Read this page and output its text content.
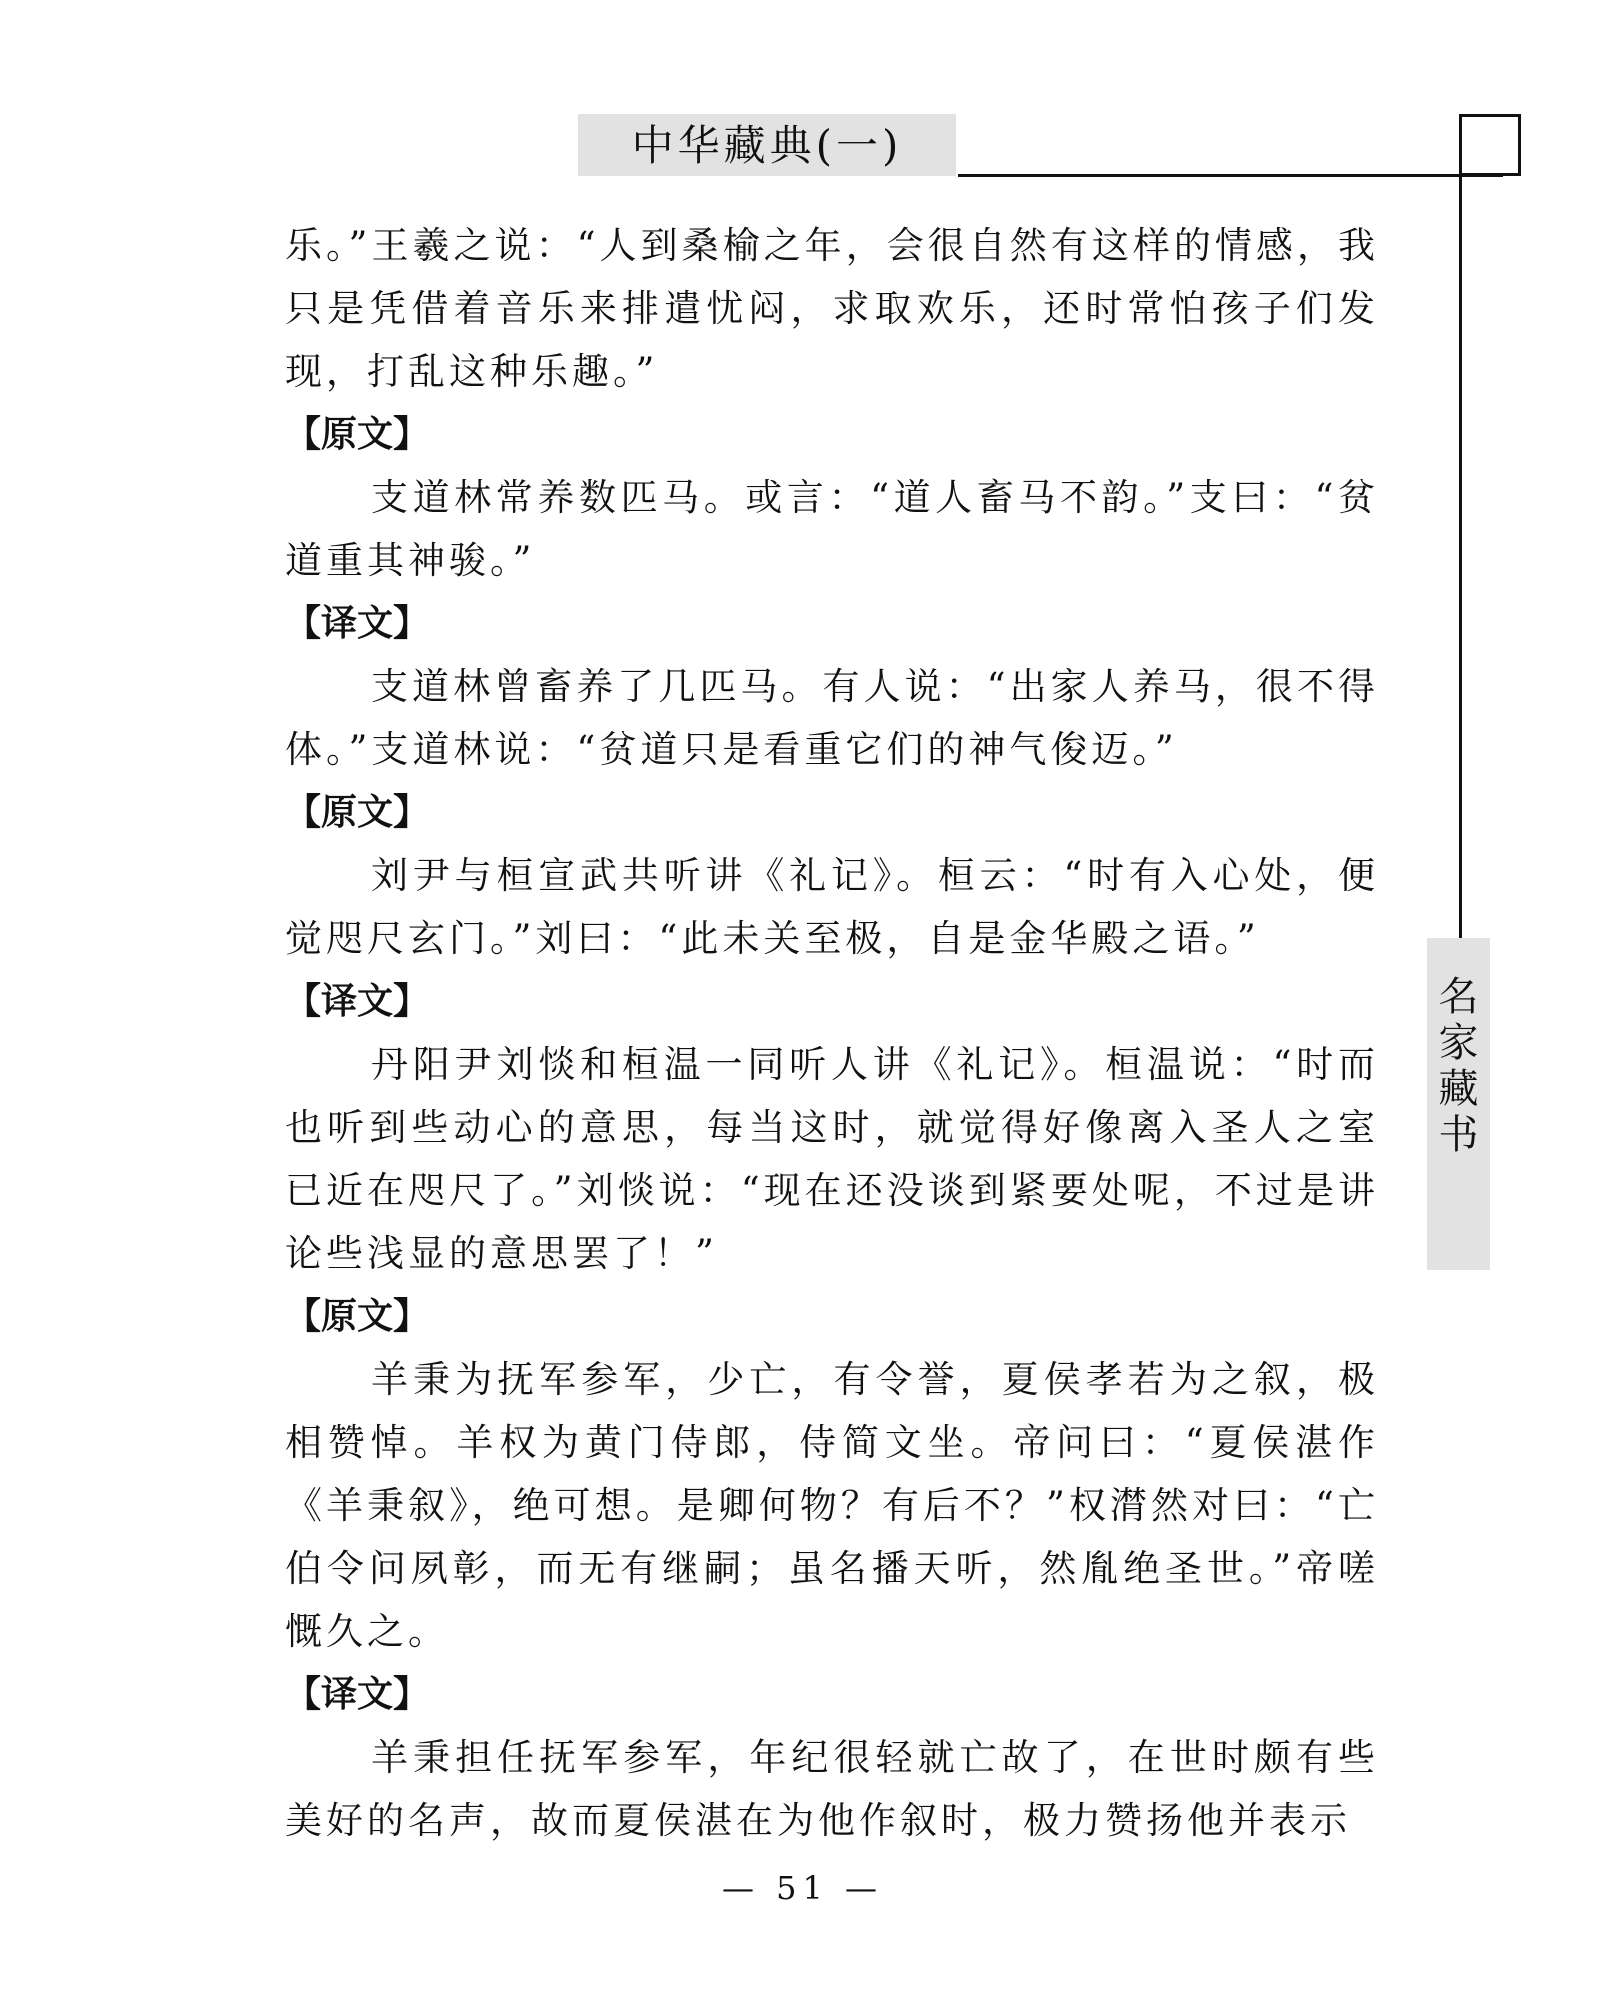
中华藏典(一)
名
家
藏
书

乐。”王羲之说：“人到桑榆之年，会很自然有这样的情感，我只是凭借着音乐来排遣忧闷，求取欢乐，还时常怕孩子们发现，打乱这种乐趣。”

【原文】

支道林常养数匹马。或言：“道人畜马不韵。”支曰：“贫道重其神骏。”

【译文】

支道林曾畜养了几匹马。有人说：“出家人养马，很不得体。”支道林说：“贫道只是看重它们的神气俊迈。”

【原文】

刘尹与桓宣武共听讲《礼记》。桓云：“时有入心处，便觉咫尺玄门。”刘曰：“此未关至极，自是金华殿之语。”

【译文】

丹阳尹刘惔和桓温一同听人讲《礼记》。桓温说：“时而也听到些动心的意思，每当这时，就觉得好像离入圣人之室已近在咫尺了。”刘惔说：“现在还没谈到紧要处呢，不过是讲论些浅显的意思罢了！”

【原文】

羊秉为抚军参军，少亡，有令誉，夏侯孝若为之叙，极相赞悼。羊权为黄门侍郎，侍简文坐。帝问曰：“夏侯湛作《羊秉叙》，绝可想。是卿何物？有后不？”权潸然对曰：“亡伯令问夙彰，而无有继嗣；虽名播天听，然胤绝圣世。”帝嗟慨久之。

【译文】

羊秉担任抚军参军，年纪很轻就亡故了，在世时颇有些美好的名声，故而夏侯湛在为他作叙时，极力赞扬他并表示

— 51 —
